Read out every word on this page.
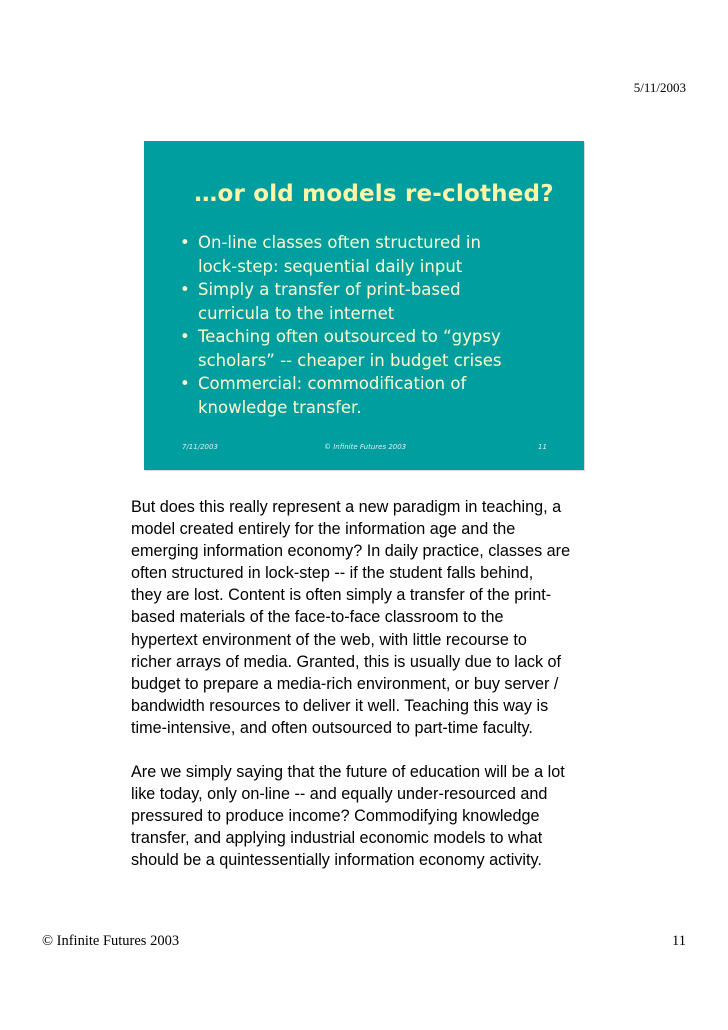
5/11/2003
…or old models re-clothed?
• On-line classes often structured in
lock-step: sequential daily input
• Simply a transfer of print-based
curricula to the internet
• Teaching often outsourced to “gypsy
scholars” -- cheaper in budget crises
• Commercial: commodification of
knowledge transfer.
7/11/2003	© Infinite Futures 2003	11

But does this really represent a new paradigm in teaching, a
model created entirely for the information age and the
emerging information economy? In daily practice, classes are
often structured in lock-step -- if the student falls behind,
they are lost. Content is often simply a transfer of the print-
based materials of the face-to-face classroom to the
hypertext environment of the web, with little recourse to
richer arrays of media. Granted, this is usually due to lack of
budget to prepare a media-rich environment, or buy server /
bandwidth resources to deliver it well. Teaching this way is
time-intensive, and often outsourced to part-time faculty.

Are we simply saying that the future of education will be a lot
like today, only on-line -- and equally under-resourced and
pressured to produce income? Commodifying knowledge
transfer, and applying industrial economic models to what
should be a quintessentially information economy activity.

© Infinite Futures 2003	11
